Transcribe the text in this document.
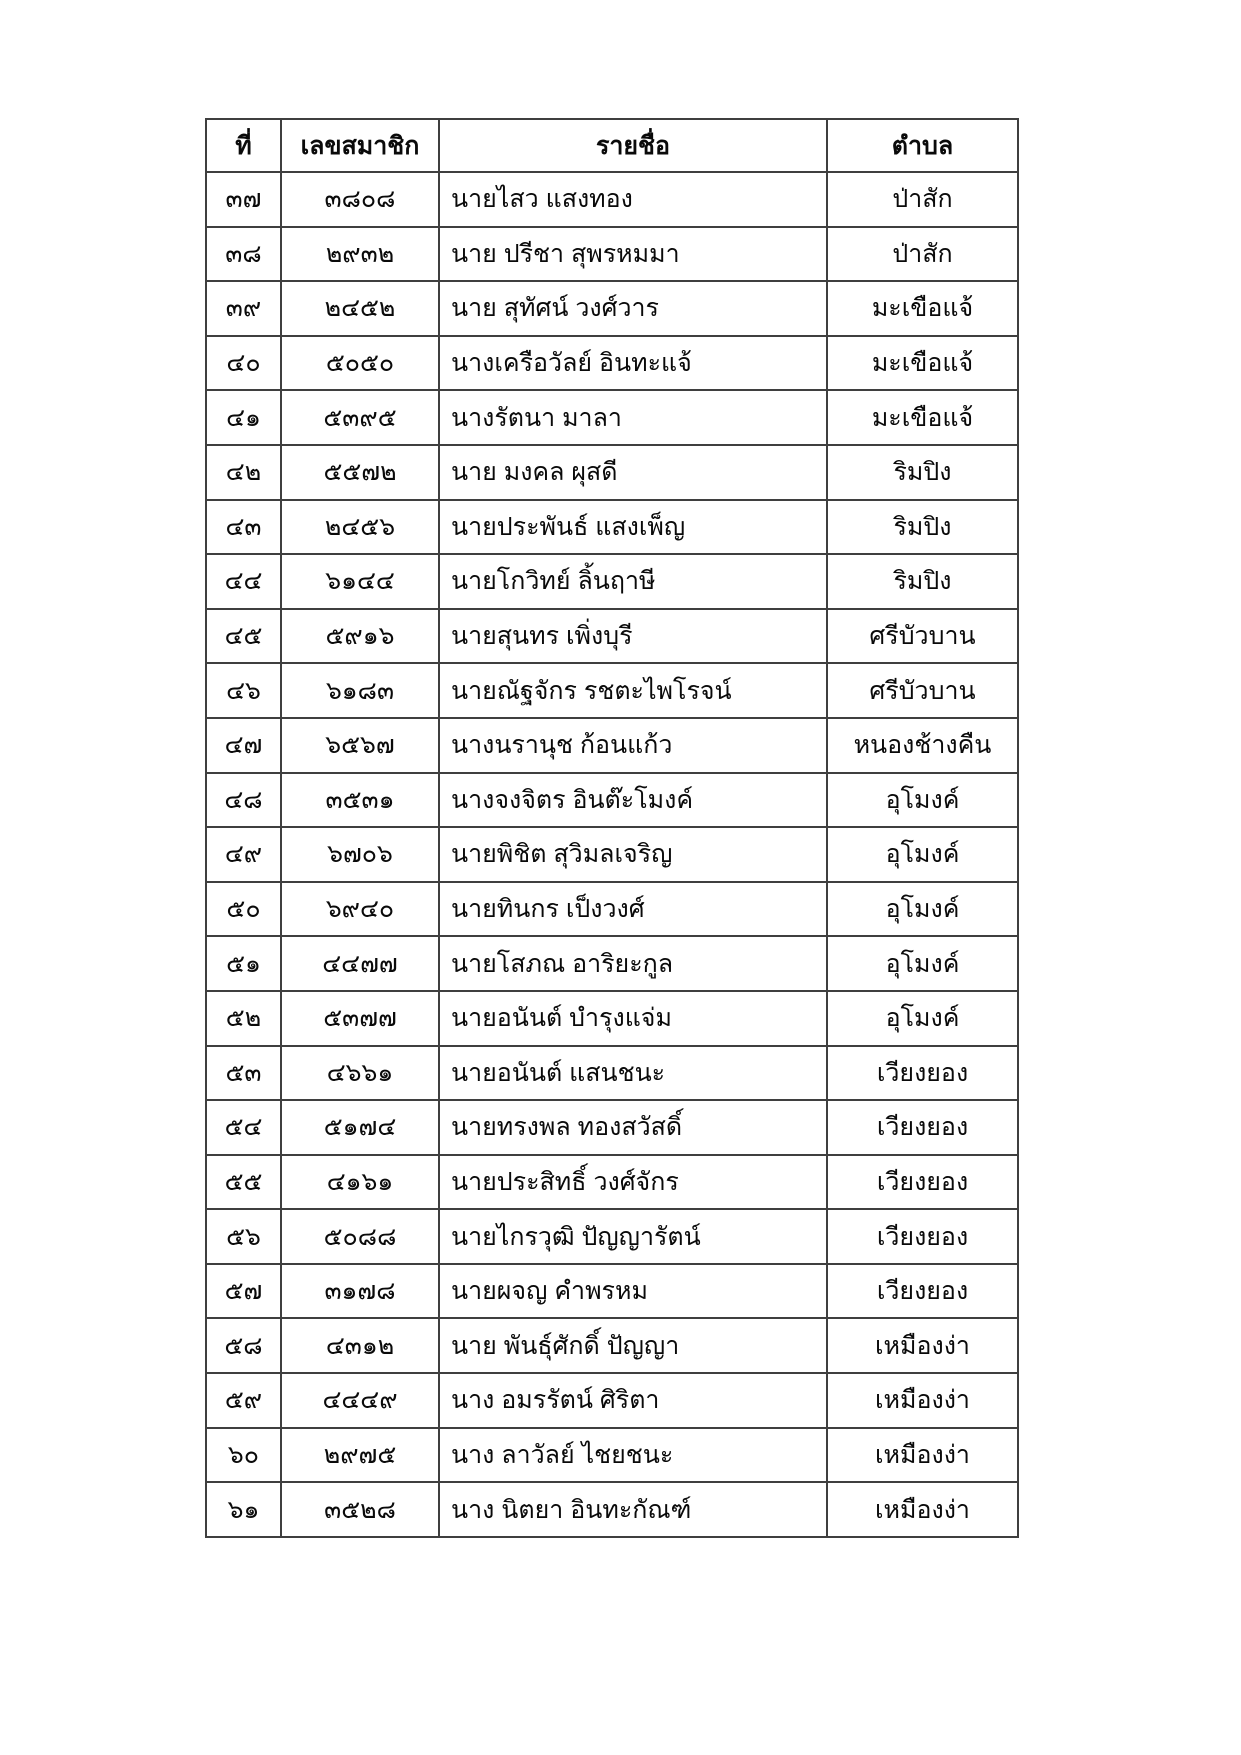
ที่	เลขสมาชิก	รายชื่อ	ตำบล
๓๗	๓๘๐๘	นายไสว แสงทอง	ป่าสัก
๓๘	๒๙๓๒	นาย ปรีชา สุพรหมมา	ป่าสัก
๓๙	๒๔๕๒	นาย สุทัศน์ วงศ์วาร	มะเขือแจ้
๔๐	๕๐๕๐	นางเครือวัลย์ อินทะแจ้	มะเขือแจ้
๔๑	๕๓๙๕	นางรัตนา มาลา	มะเขือแจ้
๔๒	๕๕๗๒	นาย มงคล ผุสดี	ริมปิง
๔๓	๒๔๕๖	นายประพันธ์ แสงเพ็ญ	ริมปิง
๔๔	๖๑๔๔	นายโกวิทย์ ลิ้นฤาษี	ริมปิง
๔๕	๕๙๑๖	นายสุนทร เพิ่งบุรี	ศรีบัวบาน
๔๖	๖๑๘๓	นายณัฐจักร รชตะไพโรจน์	ศรีบัวบาน
๔๗	๖๕๖๗	นางนรานุช ก้อนแก้ว	หนองช้างคืน
๔๘	๓๕๓๑	นางจงจิตร อินต๊ะโมงค์	อุโมงค์
๔๙	๖๗๐๖	นายพิชิต สุวิมลเจริญ	อุโมงค์
๕๐	๖๙๔๐	นายทินกร เป็งวงศ์	อุโมงค์
๕๑	๔๔๗๗	นายโสภณ อาริยะกูล	อุโมงค์
๕๒	๕๓๗๗	นายอนันต์ บำรุงแจ่ม	อุโมงค์
๕๓	๔๖๖๑	นายอนันต์ แสนชนะ	เวียงยอง
๕๔	๕๑๗๔	นายทรงพล ทองสวัสดิ์	เวียงยอง
๕๕	๔๑๖๑	นายประสิทธิ์ วงศ์จักร	เวียงยอง
๕๖	๕๐๘๘	นายไกรวุฒิ ปัญญารัตน์	เวียงยอง
๕๗	๓๑๗๘	นายผจญ คำพรหม	เวียงยอง
๕๘	๔๓๑๒	นาย พันธุ์ศักดิ์ ปัญญา	เหมืองง่า
๕๙	๔๔๔๙	นาง อมรรัตน์ ศิริตา	เหมืองง่า
๖๐	๒๙๗๕	นาง ลาวัลย์ ไชยชนะ	เหมืองง่า
๖๑	๓๕๒๘	นาง นิตยา อินทะกัณฑ์	เหมืองง่า
